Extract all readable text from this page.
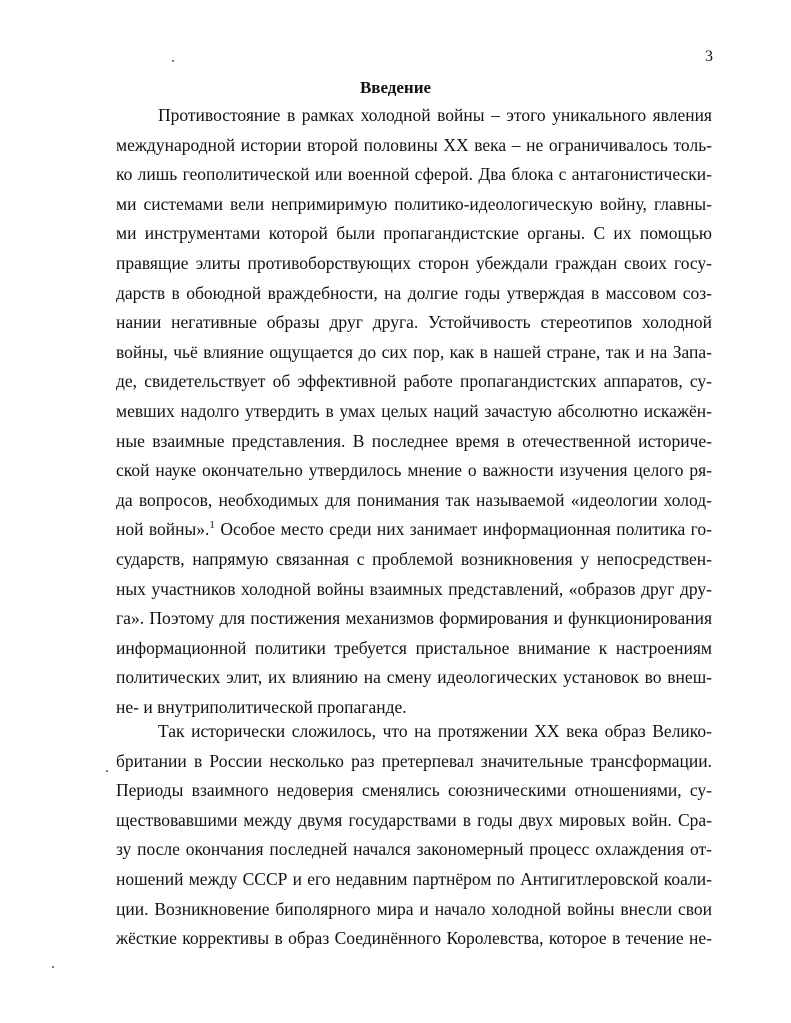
3
Введение
Противостояние в рамках холодной войны – этого уникального явления
международной истории второй половины XX века – не ограничивалось толь-
ко лишь геополитической или военной сферой. Два блока с антагонистически-
ми системами вели непримиримую политико-идеологическую войну, главны-
ми инструментами которой были пропагандистские органы. С их помощью
правящие элиты противоборствующих сторон убеждали граждан своих госу-
дарств в обоюдной враждебности, на долгие годы утверждая в массовом соз-
нании негативные образы друг друга. Устойчивость стереотипов холодной
войны, чьё влияние ощущается до сих пор, как в нашей стране, так и на Запа-
де, свидетельствует об эффективной работе пропагандистских аппаратов, су-
мевших надолго утвердить в умах целых наций зачастую абсолютно искажён-
ные взаимные представления. В последнее время в отечественной историче-
ской науке окончательно утвердилось мнение о важности изучения целого ря-
да вопросов, необходимых для понимания так называемой «идеологии холод-
ной войны».$^1$ Особое место среди них занимает информационная политика го-
сударств, напрямую связанная с проблемой возникновения у непосредствен-
ных участников холодной войны взаимных представлений, «образов друг дру-
га». Поэтому для постижения механизмов формирования и функционирования
информационной политики требуется пристальное внимание к настроениям
политических элит, их влиянию на смену идеологических установок во внеш-
не- и внутриполитической пропаганде.
Так исторически сложилось, что на протяжении XX века образ Велико-
британии в России несколько раз претерпевал значительные трансформации.
Периоды взаимного недоверия сменялись союзническими отношениями, су-
ществовавшими между двумя государствами в годы двух мировых войн. Сра-
зу после окончания последней начался закономерный процесс охлаждения от-
ношений между СССР и его недавним партнёром по Антигитлеровской коали-
ции. Возникновение биполярного мира и начало холодной войны внесли свои
жёсткие коррективы в образ Соединённого Королевства, которое в течение не-
